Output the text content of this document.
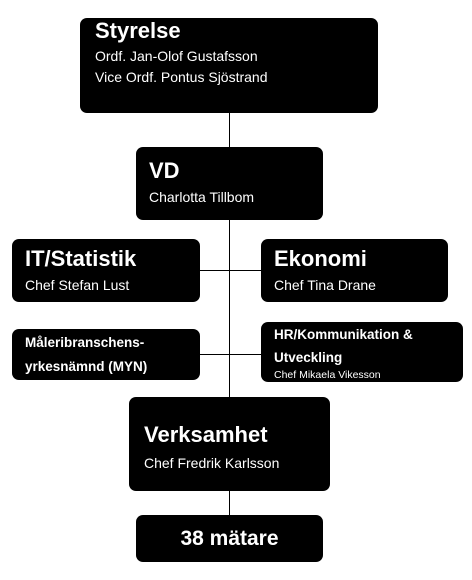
Styrelse
Ordf. Jan-Olof Gustafsson
Vice Ordf. Pontus Sjöstrand
VD
Charlotta Tillbom
IT/Statistik
Chef Stefan Lust
Ekonomi
Chef Tina Drane
Måleribranschens-
yrkesnämnd (MYN)
HR/Kommunikation &
Utveckling
Chef Mikaela Vikesson
Verksamhet
Chef Fredrik Karlsson
38 mätare
